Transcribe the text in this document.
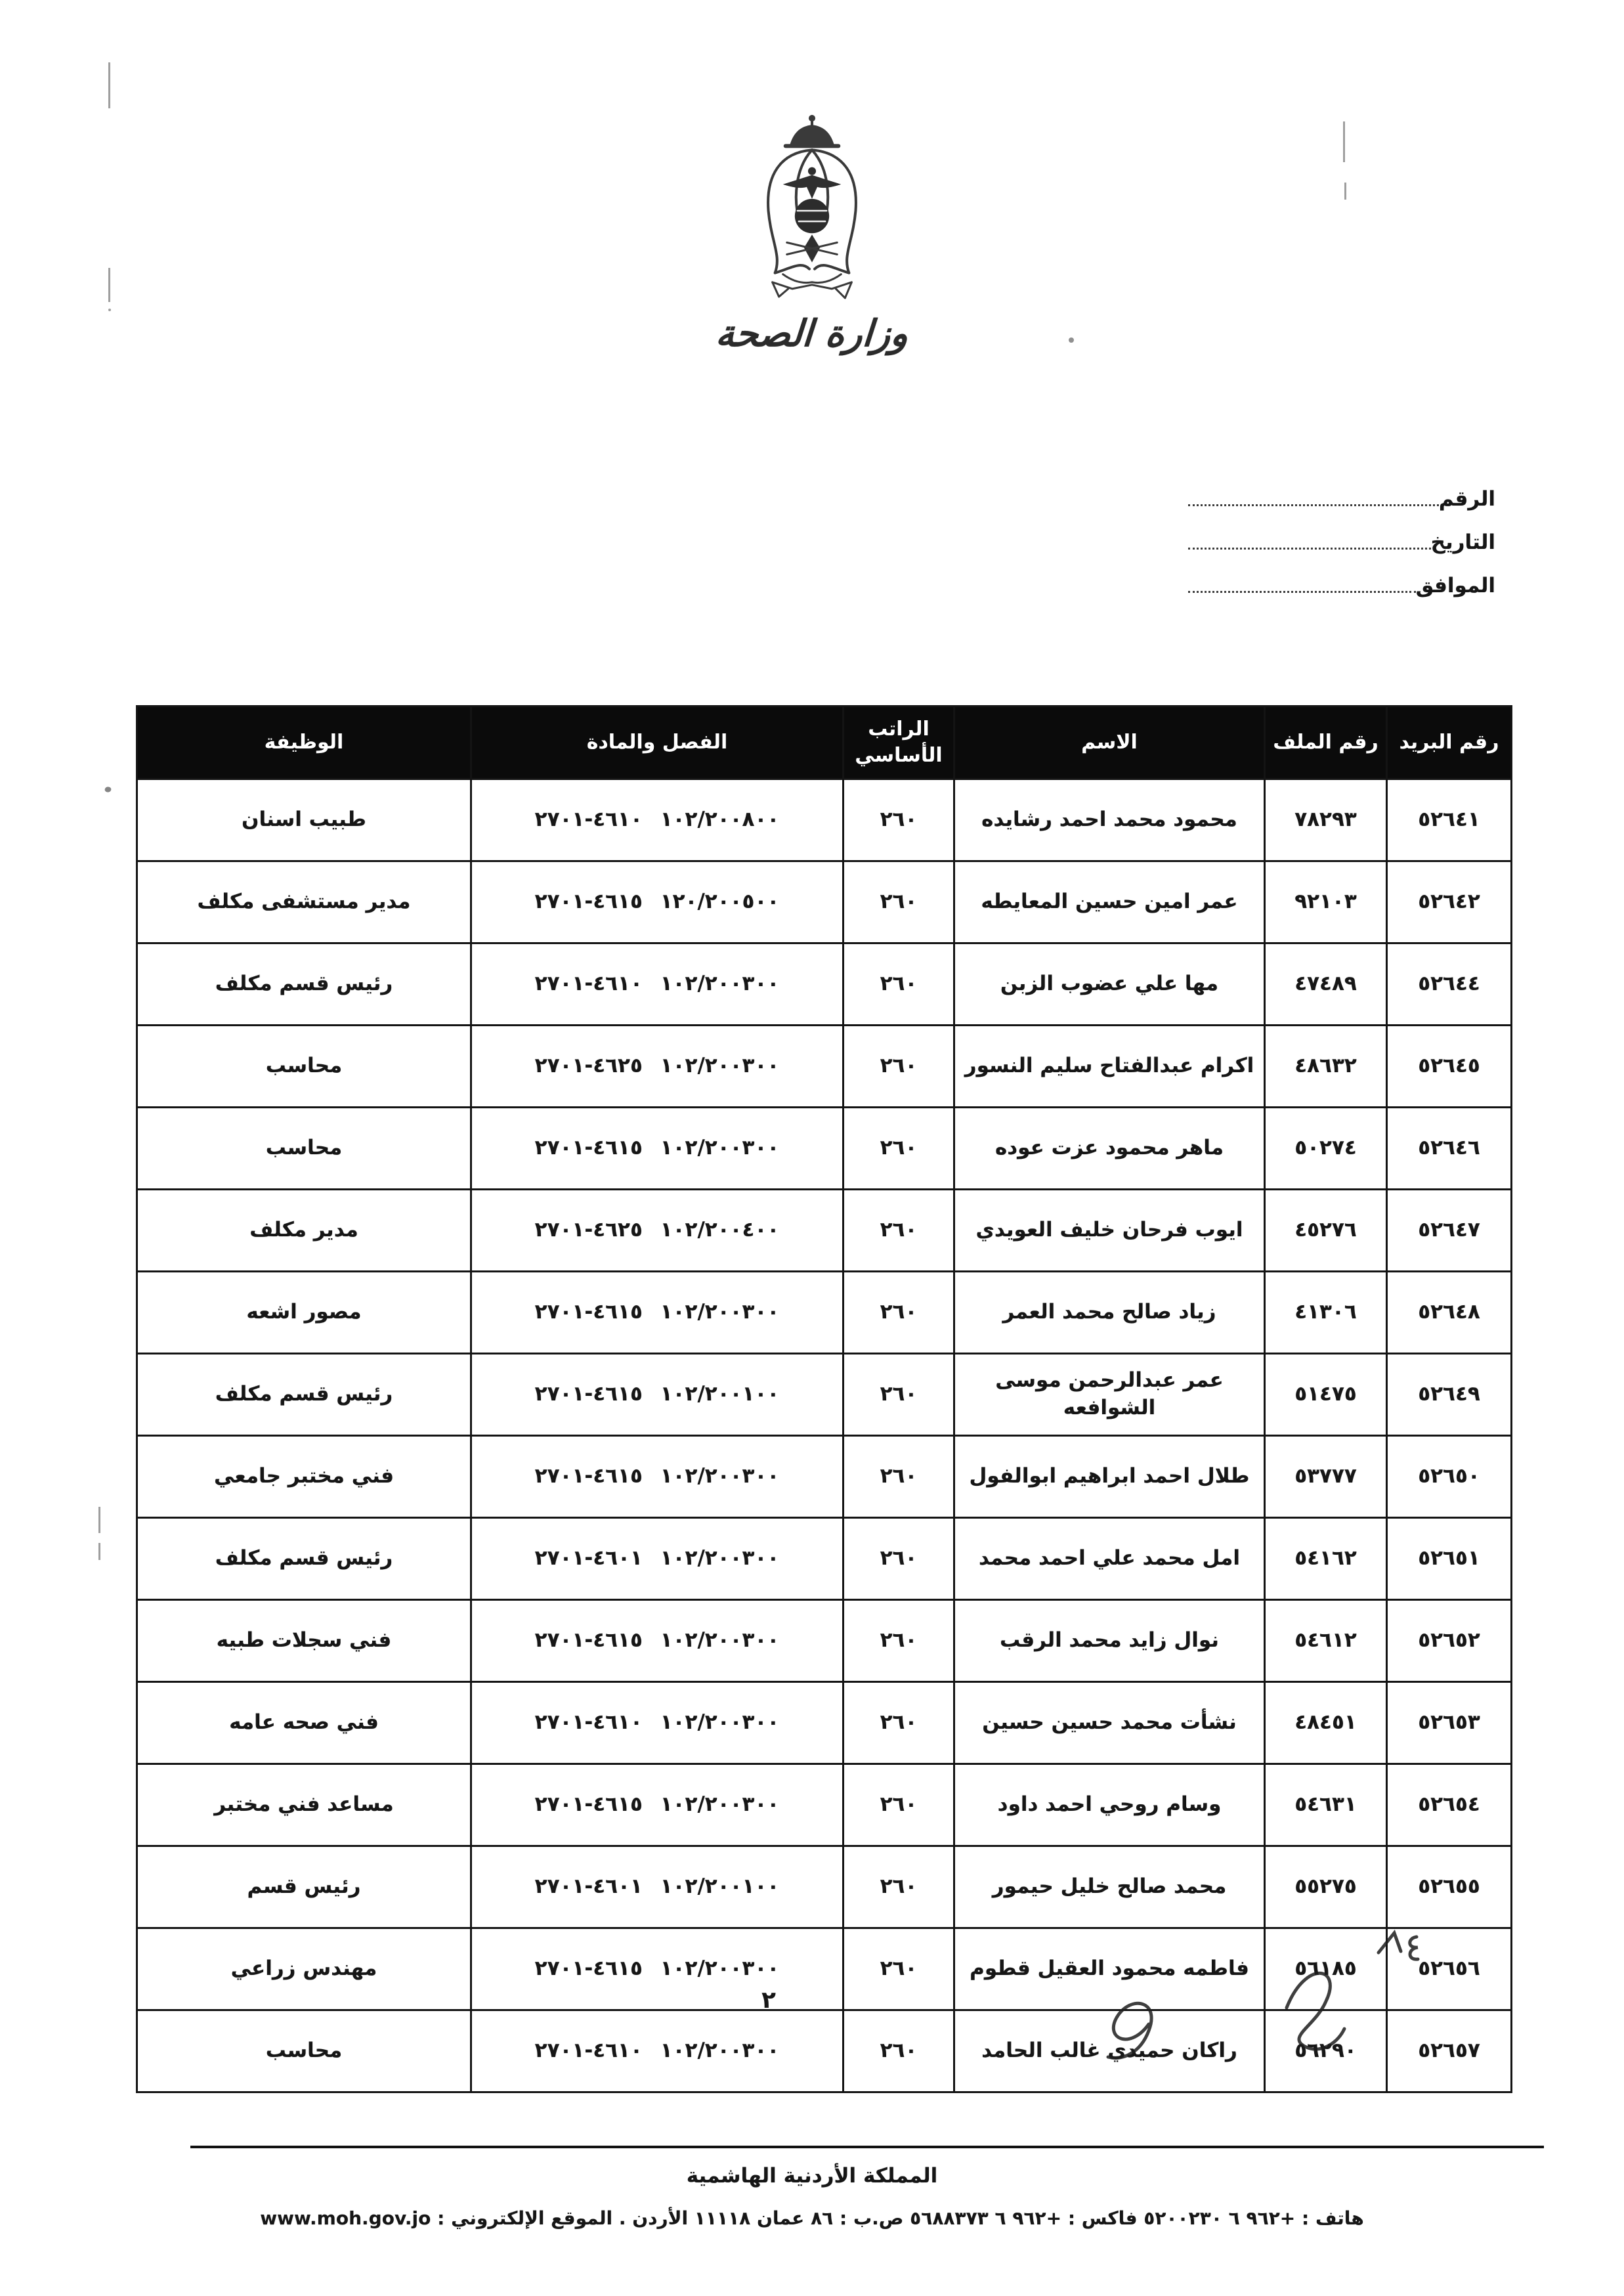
وزارة الصحة
الرقم
التاريخ
الموافق
رقم البريد	رقم الملف	الاسم	الراتب الأساسي	الفصل والمادة	الوظيفة
٥٢٦٤١	٧٨٢٩٣	محمود محمد احمد رشايده	٢٦٠	١٠٢/٢٠٠٨٠٠ ٤٦١٠-٢٧٠١	طبيب اسنان
٥٢٦٤٢	٩٢١٠٣	عمر امين حسين المعايطه	٢٦٠	١٢٠/٢٠٠٥٠٠ ٤٦١٥-٢٧٠١	مدير مستشفى مكلف
٥٢٦٤٤	٤٧٤٨٩	مها علي عضوب الزبن	٢٦٠	١٠٢/٢٠٠٣٠٠ ٤٦١٠-٢٧٠١	رئيس قسم مكلف
٥٢٦٤٥	٤٨٦٣٢	اكرام عبدالفتاح سليم النسور	٢٦٠	١٠٢/٢٠٠٣٠٠ ٤٦٢٥-٢٧٠١	محاسب
٥٢٦٤٦	٥٠٢٧٤	ماهر محمود عزت عوده	٢٦٠	١٠٢/٢٠٠٣٠٠ ٤٦١٥-٢٧٠١	محاسب
٥٢٦٤٧	٤٥٢٧٦	ايوب فرحان خليف العويدي	٢٦٠	١٠٢/٢٠٠٤٠٠ ٤٦٢٥-٢٧٠١	مدير مكلف
٥٢٦٤٨	٤١٣٠٦	زياد صالح محمد العمر	٢٦٠	١٠٢/٢٠٠٣٠٠ ٤٦١٥-٢٧٠١	مصور اشعه
٥٢٦٤٩	٥١٤٧٥	عمر عبدالرحمن موسى الشوافعه	٢٦٠	١٠٢/٢٠٠١٠٠ ٤٦١٥-٢٧٠١	رئيس قسم مكلف
٥٢٦٥٠	٥٣٧٧٧	طلال احمد ابراهيم ابوالفول	٢٦٠	١٠٢/٢٠٠٣٠٠ ٤٦١٥-٢٧٠١	فني مختبر جامعي
٥٢٦٥١	٥٤١٦٢	امل محمد علي احمد محمد	٢٦٠	١٠٢/٢٠٠٣٠٠ ٤٦٠١-٢٧٠١	رئيس قسم مكلف
٥٢٦٥٢	٥٤٦١٢	نوال زايد محمد الرقب	٢٦٠	١٠٢/٢٠٠٣٠٠ ٤٦١٥-٢٧٠١	فني سجلات طبيه
٥٢٦٥٣	٤٨٤٥١	نشأت محمد حسين حسين	٢٦٠	١٠٢/٢٠٠٣٠٠ ٤٦١٠-٢٧٠١	فني صحه عامه
٥٢٦٥٤	٥٤٦٣١	وسام روحي احمد داود	٢٦٠	١٠٢/٢٠٠٣٠٠ ٤٦١٥-٢٧٠١	مساعد فني مختبر
٥٢٦٥٥	٥٥٢٧٥	محمد صالح خليل حيمور	٢٦٠	١٠٢/٢٠٠١٠٠ ٤٦٠١-٢٧٠١	رئيس قسم
٥٢٦٥٦	٥٦١٨٥	فاطمه محمود العقيل قطوم	٢٦٠	١٠٢/٢٠٠٣٠٠ ٤٦١٥-٢٧٠١	مهندس زراعي
٥٢٦٥٧	٥٦٢٩٠	راكان حميدي غالب الحامد	٢٦٠	١٠٢/٢٠٠٣٠٠ ٤٦١٠-٢٧٠١	محاسب
٢
المملكة الأردنية الهاشمية
هاتف : +٩٦٢ ٦ ٥٢٠٠٢٣٠ فاكس : +٩٦٢ ٦ ٥٦٨٨٣٧٣ ص.ب : ٨٦ عمان ١١١١٨ الأردن . الموقع الإلكتروني : www.moh.gov.jo
